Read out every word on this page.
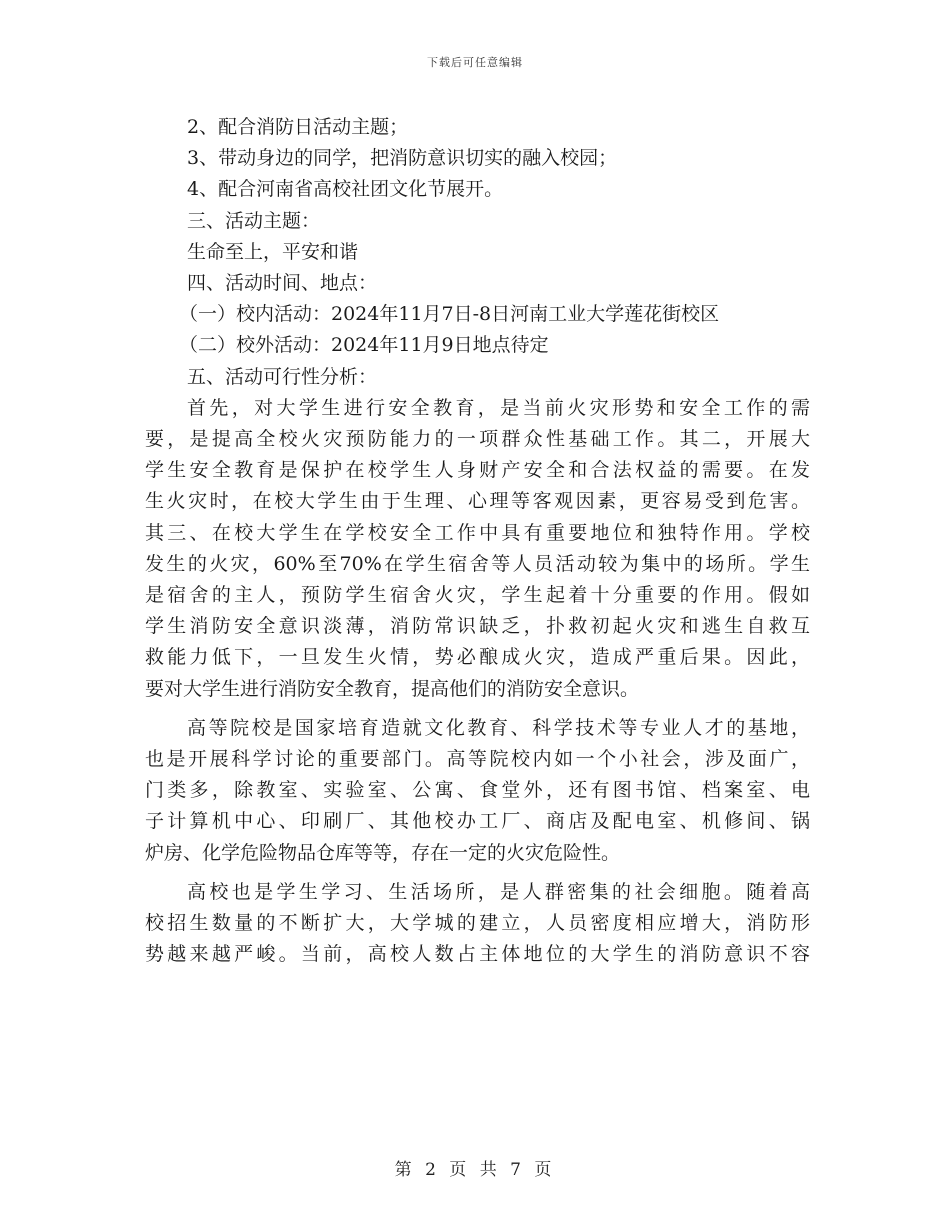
下载后可任意编辑
2、配合消防日活动主题；
3、带动身边的同学，把消防意识切实的融入校园；
4、配合河南省高校社团文化节展开。
三、活动主题：
生命至上，平安和谐
四、活动时间、地点：
（一）校内活动：2024年11月7日-8日河南工业大学莲花街校区
（二）校外活动：2024年11月9日地点待定
五、活动可行性分析：
首先，对大学生进行安全教育，是当前火灾形势和安全工作的需
要，是提高全校火灾预防能力的一项群众性基础工作。其二，开展大
学生安全教育是保护在校学生人身财产安全和合法权益的需要。在发
生火灾时，在校大学生由于生理、心理等客观因素，更容易受到危害。
其三、在校大学生在学校安全工作中具有重要地位和独特作用。学校
发生的火灾，60%至70%在学生宿舍等人员活动较为集中的场所。学生
是宿舍的主人，预防学生宿舍火灾，学生起着十分重要的作用。假如
学生消防安全意识淡薄，消防常识缺乏，扑救初起火灾和逃生自救互
救能力低下，一旦发生火情，势必酿成火灾，造成严重后果。因此，
要对大学生进行消防安全教育，提高他们的消防安全意识。
高等院校是国家培育造就文化教育、科学技术等专业人才的基地，
也是开展科学讨论的重要部门。高等院校内如一个小社会，涉及面广，
门类多，除教室、实验室、公寓、食堂外，还有图书馆、档案室、电
子计算机中心、印刷厂、其他校办工厂、商店及配电室、机修间、锅
炉房、化学危险物品仓库等等，存在一定的火灾危险性。
高校也是学生学习、生活场所，是人群密集的社会细胞。随着高
校招生数量的不断扩大，大学城的建立，人员密度相应增大，消防形
势越来越严峻。当前，高校人数占主体地位的大学生的消防意识不容
第 2 页 共 7 页
